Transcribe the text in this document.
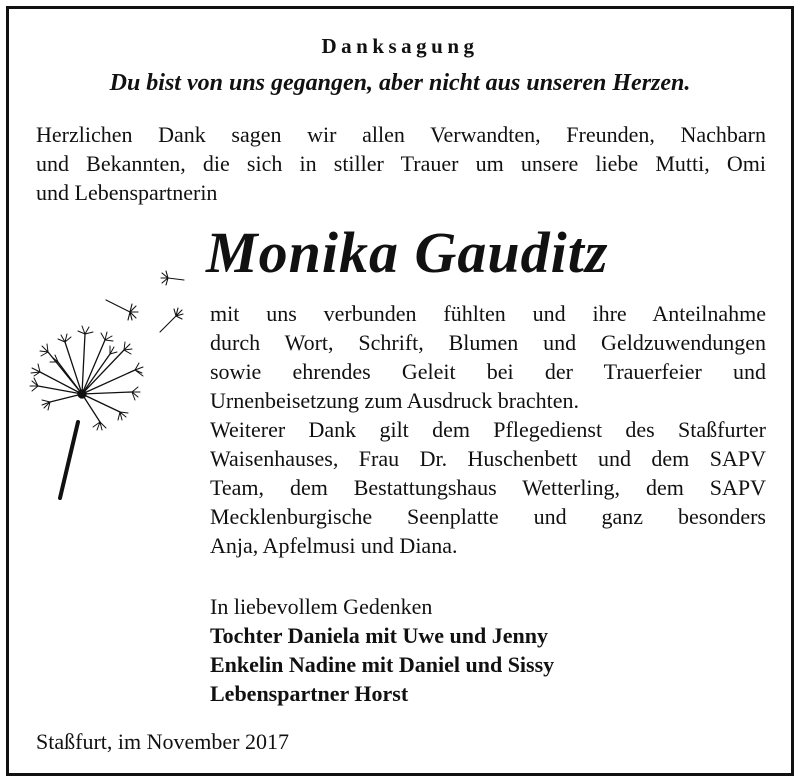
Danksagung
Du bist von uns gegangen, aber nicht aus unseren Herzen.
Herzlichen Dank sagen wir allen Verwandten, Freunden, Nachbarn
und Bekannten, die sich in stiller Trauer um unsere liebe Mutti, Omi
und Lebenspartnerin
Monika Gauditz
mit uns verbunden fühlten und ihre Anteilnahme
durch Wort, Schrift, Blumen und Geldzuwendungen
sowie ehrendes Geleit bei der Trauerfeier und
Urnenbeisetzung zum Ausdruck brachten.
Weiterer Dank gilt dem Pflegedienst des Staßfurter
Waisenhauses, Frau Dr. Huschenbett und dem SAPV
Team, dem Bestattungshaus Wetterling, dem SAPV
Mecklenburgische Seenplatte und ganz besonders
Anja, Apfelmusi und Diana.
In liebevollem Gedenken
Tochter Daniela mit Uwe und Jenny
Enkelin Nadine mit Daniel und Sissy
Lebenspartner Horst
Staßfurt, im November 2017
